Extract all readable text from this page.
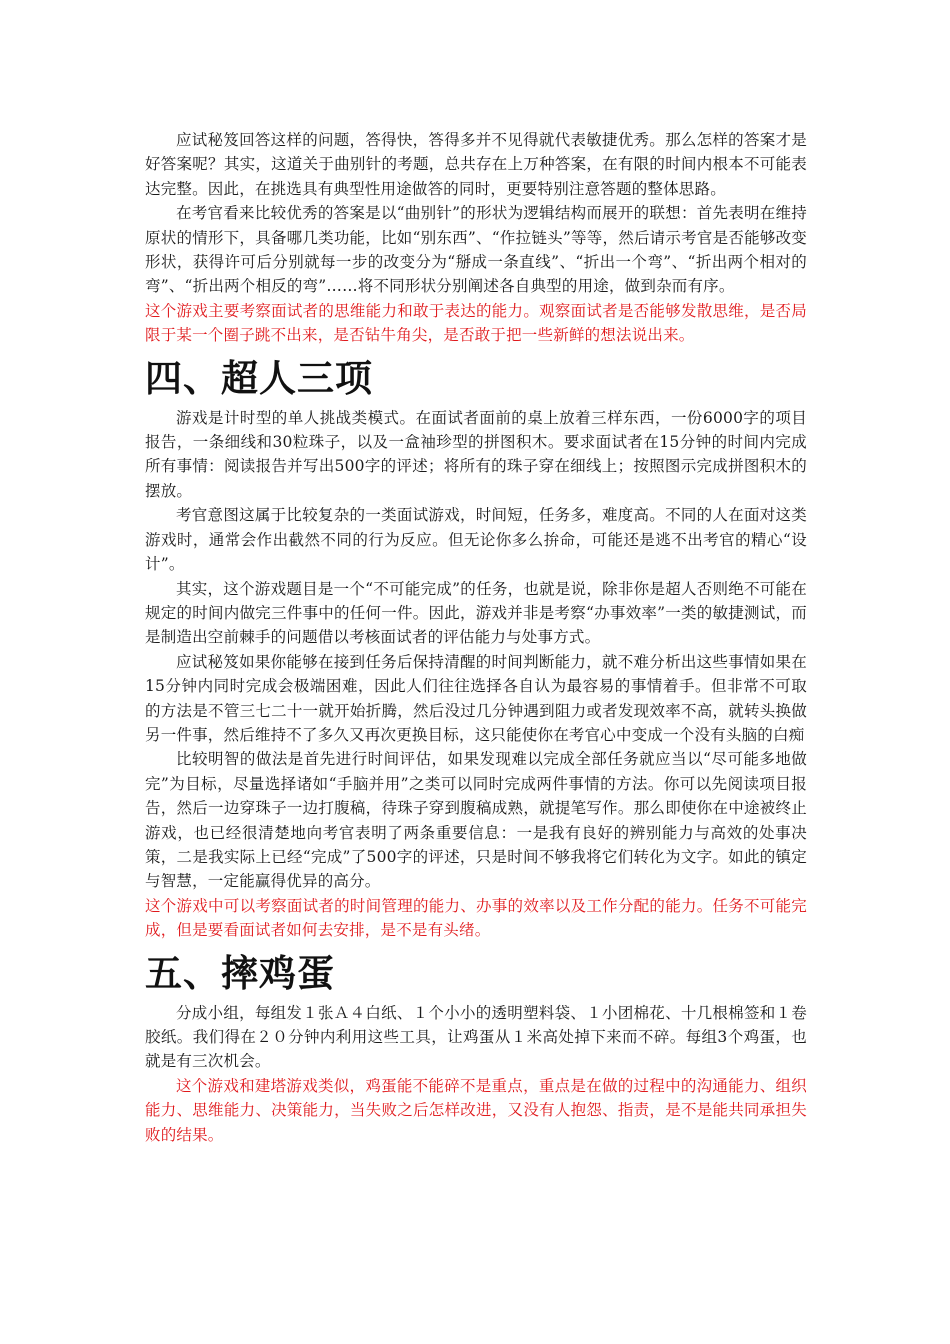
应试秘笈回答这样的问题，答得快，答得多并不见得就代表敏捷优秀。那么怎样的答案才是好答案呢？其实，这道关于曲别针的考题，总共存在上万种答案，在有限的时间内根本不可能表达完整。因此，在挑选具有典型性用途做答的同时，更要特别注意答题的整体思路。

在考官看来比较优秀的答案是以“曲别针”的形状为逻辑结构而展开的联想：首先表明在维持原状的情形下，具备哪几类功能，比如“别东西”、“作拉链头”等等，然后请示考官是否能够改变形状，获得许可后分别就每一步的改变分为“掰成一条直线”、“折出一个弯”、“折出两个相对的弯”、“折出两个相反的弯”……将不同形状分别阐述各自典型的用途，做到杂而有序。

这个游戏主要考察面试者的思维能力和敢于表达的能力。观察面试者是否能够发散思维，是否局限于某一个圈子跳不出来，是否钻牛角尖，是否敢于把一些新鲜的想法说出来。

四、超人三项

游戏是计时型的单人挑战类模式。在面试者面前的桌上放着三样东西，一份6000字的项目报告，一条细线和30粒珠子，以及一盒袖珍型的拼图积木。要求面试者在15分钟的时间内完成所有事情：阅读报告并写出500字的评述；将所有的珠子穿在细线上；按照图示完成拼图积木的摆放。

考官意图这属于比较复杂的一类面试游戏，时间短，任务多，难度高。不同的人在面对这类游戏时，通常会作出截然不同的行为反应。但无论你多么拚命，可能还是逃不出考官的精心“设计”。

其实，这个游戏题目是一个“不可能完成”的任务，也就是说，除非你是超人否则绝不可能在规定的时间内做完三件事中的任何一件。因此，游戏并非是考察“办事效率”一类的敏捷测试，而是制造出空前棘手的问题借以考核面试者的评估能力与处事方式。

应试秘笈如果你能够在接到任务后保持清醒的时间判断能力，就不难分析出这些事情如果在15分钟内同时完成会极端困难，因此人们往往选择各自认为最容易的事情着手。但非常不可取的方法是不管三七二十一就开始折腾，然后没过几分钟遇到阻力或者发现效率不高，就转头换做另一件事，然后维持不了多久又再次更换目标，这只能使你在考官心中变成一个没有头脑的白痴

比较明智的做法是首先进行时间评估，如果发现难以完成全部任务就应当以“尽可能多地做完”为目标，尽量选择诸如“手脑并用”之类可以同时完成两件事情的方法。你可以先阅读项目报告，然后一边穿珠子一边打腹稿，待珠子穿到腹稿成熟，就提笔写作。那么即使你在中途被终止游戏，也已经很清楚地向考官表明了两条重要信息：一是我有良好的辨别能力与高效的处事决策，二是我实际上已经“完成”了500字的评述，只是时间不够我将它们转化为文字。如此的镇定与智慧，一定能赢得优异的高分。

这个游戏中可以考察面试者的时间管理的能力、办事的效率以及工作分配的能力。任务不可能完成，但是要看面试者如何去安排，是不是有头绪。

五、摔鸡蛋

分成小组，每组发１张Ａ４白纸、１个小小的透明塑料袋、１小团棉花、十几根棉签和１卷胶纸。我们得在２０分钟内利用这些工具，让鸡蛋从１米高处掉下来而不碎。每组3个鸡蛋，也就是有三次机会。

这个游戏和建塔游戏类似，鸡蛋能不能碎不是重点，重点是在做的过程中的沟通能力、组织能力、思维能力、决策能力，当失败之后怎样改进，又没有人抱怨、指责，是不是能共同承担失败的结果。
